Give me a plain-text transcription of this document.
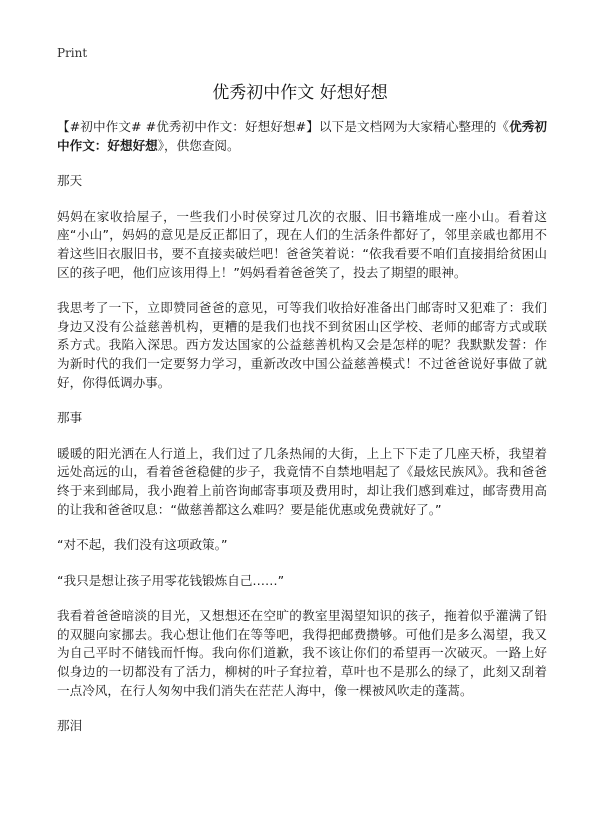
Print
优秀初中作文 好想好想

【#初中作文# #优秀初中作文：好想好想#】以下是文档网为大家精心整理的《优秀初中作文：好想好想》，供您查阅。

那天

妈妈在家收拾屋子，一些我们小时侯穿过几次的衣服、旧书籍堆成一座小山。看着这座“小山”，妈妈的意见是反正都旧了，现在人们的生活条件都好了，邻里亲戚也都用不着这些旧衣服旧书，要不直接卖破烂吧！爸爸笑着说：“依我看要不咱们直接捐给贫困山区的孩子吧，他们应该用得上！”妈妈看着爸爸笑了，投去了期望的眼神。

我思考了一下，立即赞同爸爸的意见，可等我们收拾好准备出门邮寄时又犯难了：我们身边又没有公益慈善机构，更糟的是我们也找不到贫困山区学校、老师的邮寄方式或联系方式。我陷入深思。西方发达国家的公益慈善机构又会是怎样的呢？我默默发誓：作为新时代的我们一定要努力学习，重新改改中国公益慈善模式！不过爸爸说好事做了就好，你得低调办事。

那事

暖暖的阳光洒在人行道上，我们过了几条热闹的大街，上上下下走了几座天桥，我望着远处高远的山，看着爸爸稳健的步子，我竟情不自禁地唱起了《最炫民族风》。我和爸爸终于来到邮局，我小跑着上前咨询邮寄事项及费用时，却让我们感到难过，邮寄费用高的让我和爸爸叹息：“做慈善都这么难吗？要是能优惠或免费就好了。”

“对不起，我们没有这项政策。”

“我只是想让孩子用零花钱锻炼自己……”

我看着爸爸暗淡的目光，又想想还在空旷的教室里渴望知识的孩子，拖着似乎灌满了铅的双腿向家挪去。我心想让他们在等等吧，我得把邮费攒够。可他们是多么渴望，我又为自己平时不储钱而忏悔。我向你们道歉，我不该让你们的希望再一次破灭。一路上好似身边的一切都没有了活力，柳树的叶子耷拉着，草叶也不是那么的绿了，此刻又刮着一点冷风，在行人匆匆中我们消失在茫茫人海中，像一棵被风吹走的蓬蒿。

那泪
